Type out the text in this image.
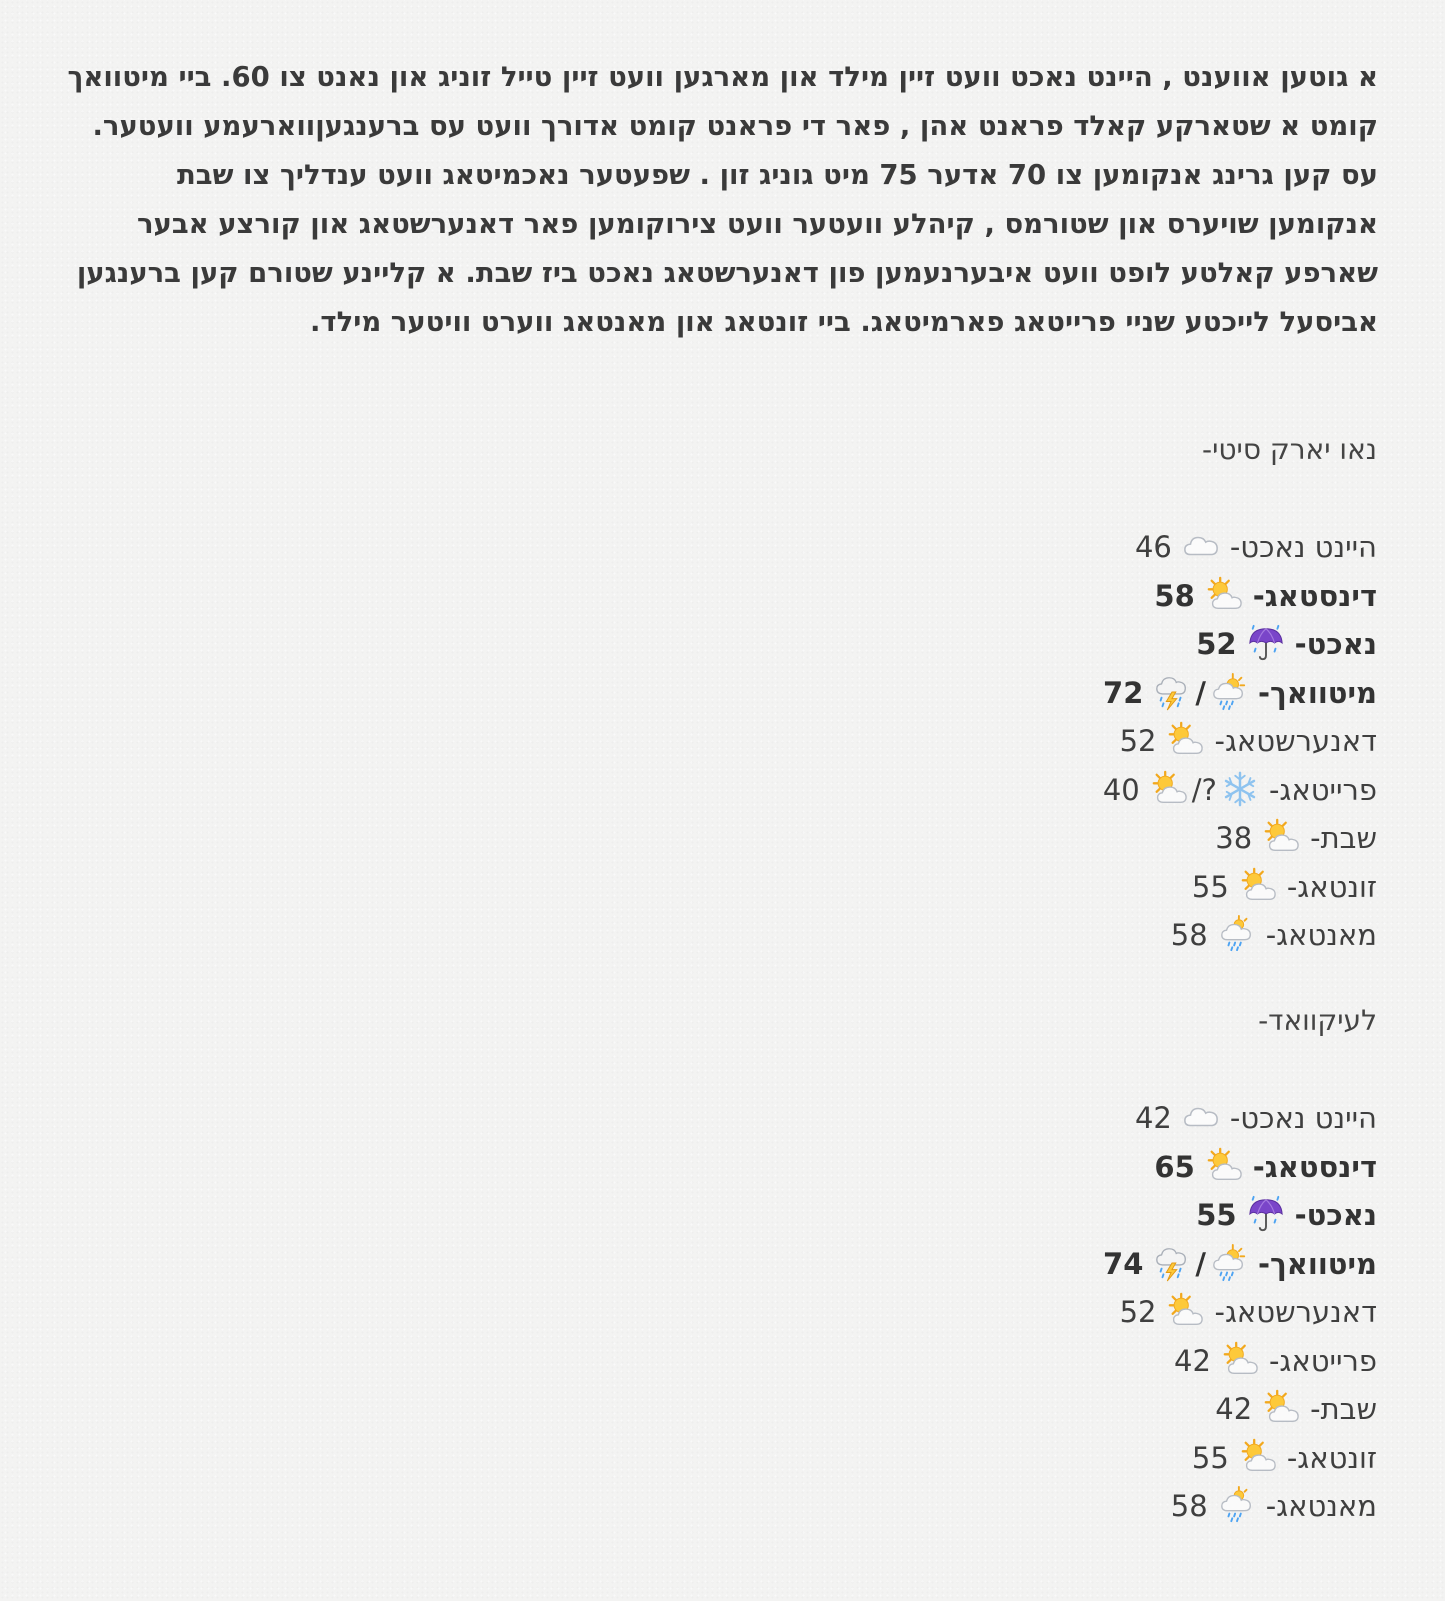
א גוטען אווענט , היינט נאכט וועט זיין מילד און מארגען וועט זיין טייל זוניג און נאנט צו 60. ביי מיטוואך קומט א שטארקע קאלד פראנט אהן , פאר די פראנט קומט אדורך וועט עס ברענגעןווארעמע וועטער. עס קען גרינג אנקומען צו 70 אדער 75 מיט גוניג זון . שפעטער נאכמיטאג וועט ענדליך צו שבת אנקומען שויערס און שטורמס , קיהלע וועטער וועט צירוקומען פאר דאנערשטאג און קורצע אבער שארפע קאלטע לופט וועט איבערנעמען פון דאנערשטאג נאכט ביז שבת. א קליינע שטורם קען ברענגען אביסעל לייכטע שניי פרייטאג פארמיטאג. ביי זונטאג און מאנטאג ווערט וויטער מילד.

נאו יארק סיטי-

היינט נאכט-
46
דינסטאג-
58
נאכט-
52
מיטוואך-
/
72
דאנערשטאג-
52
פרייטאג-
?/
40
שבת-
38
זונטאג-
55
מאנטאג-
58

לעיקוואד-

היינט נאכט-
42
דינסטאג-
65
נאכט-
55
מיטוואך-
/
74
דאנערשטאג-
52
פרייטאג-
42
שבת-
42
זונטאג-
55
מאנטאג-
58
